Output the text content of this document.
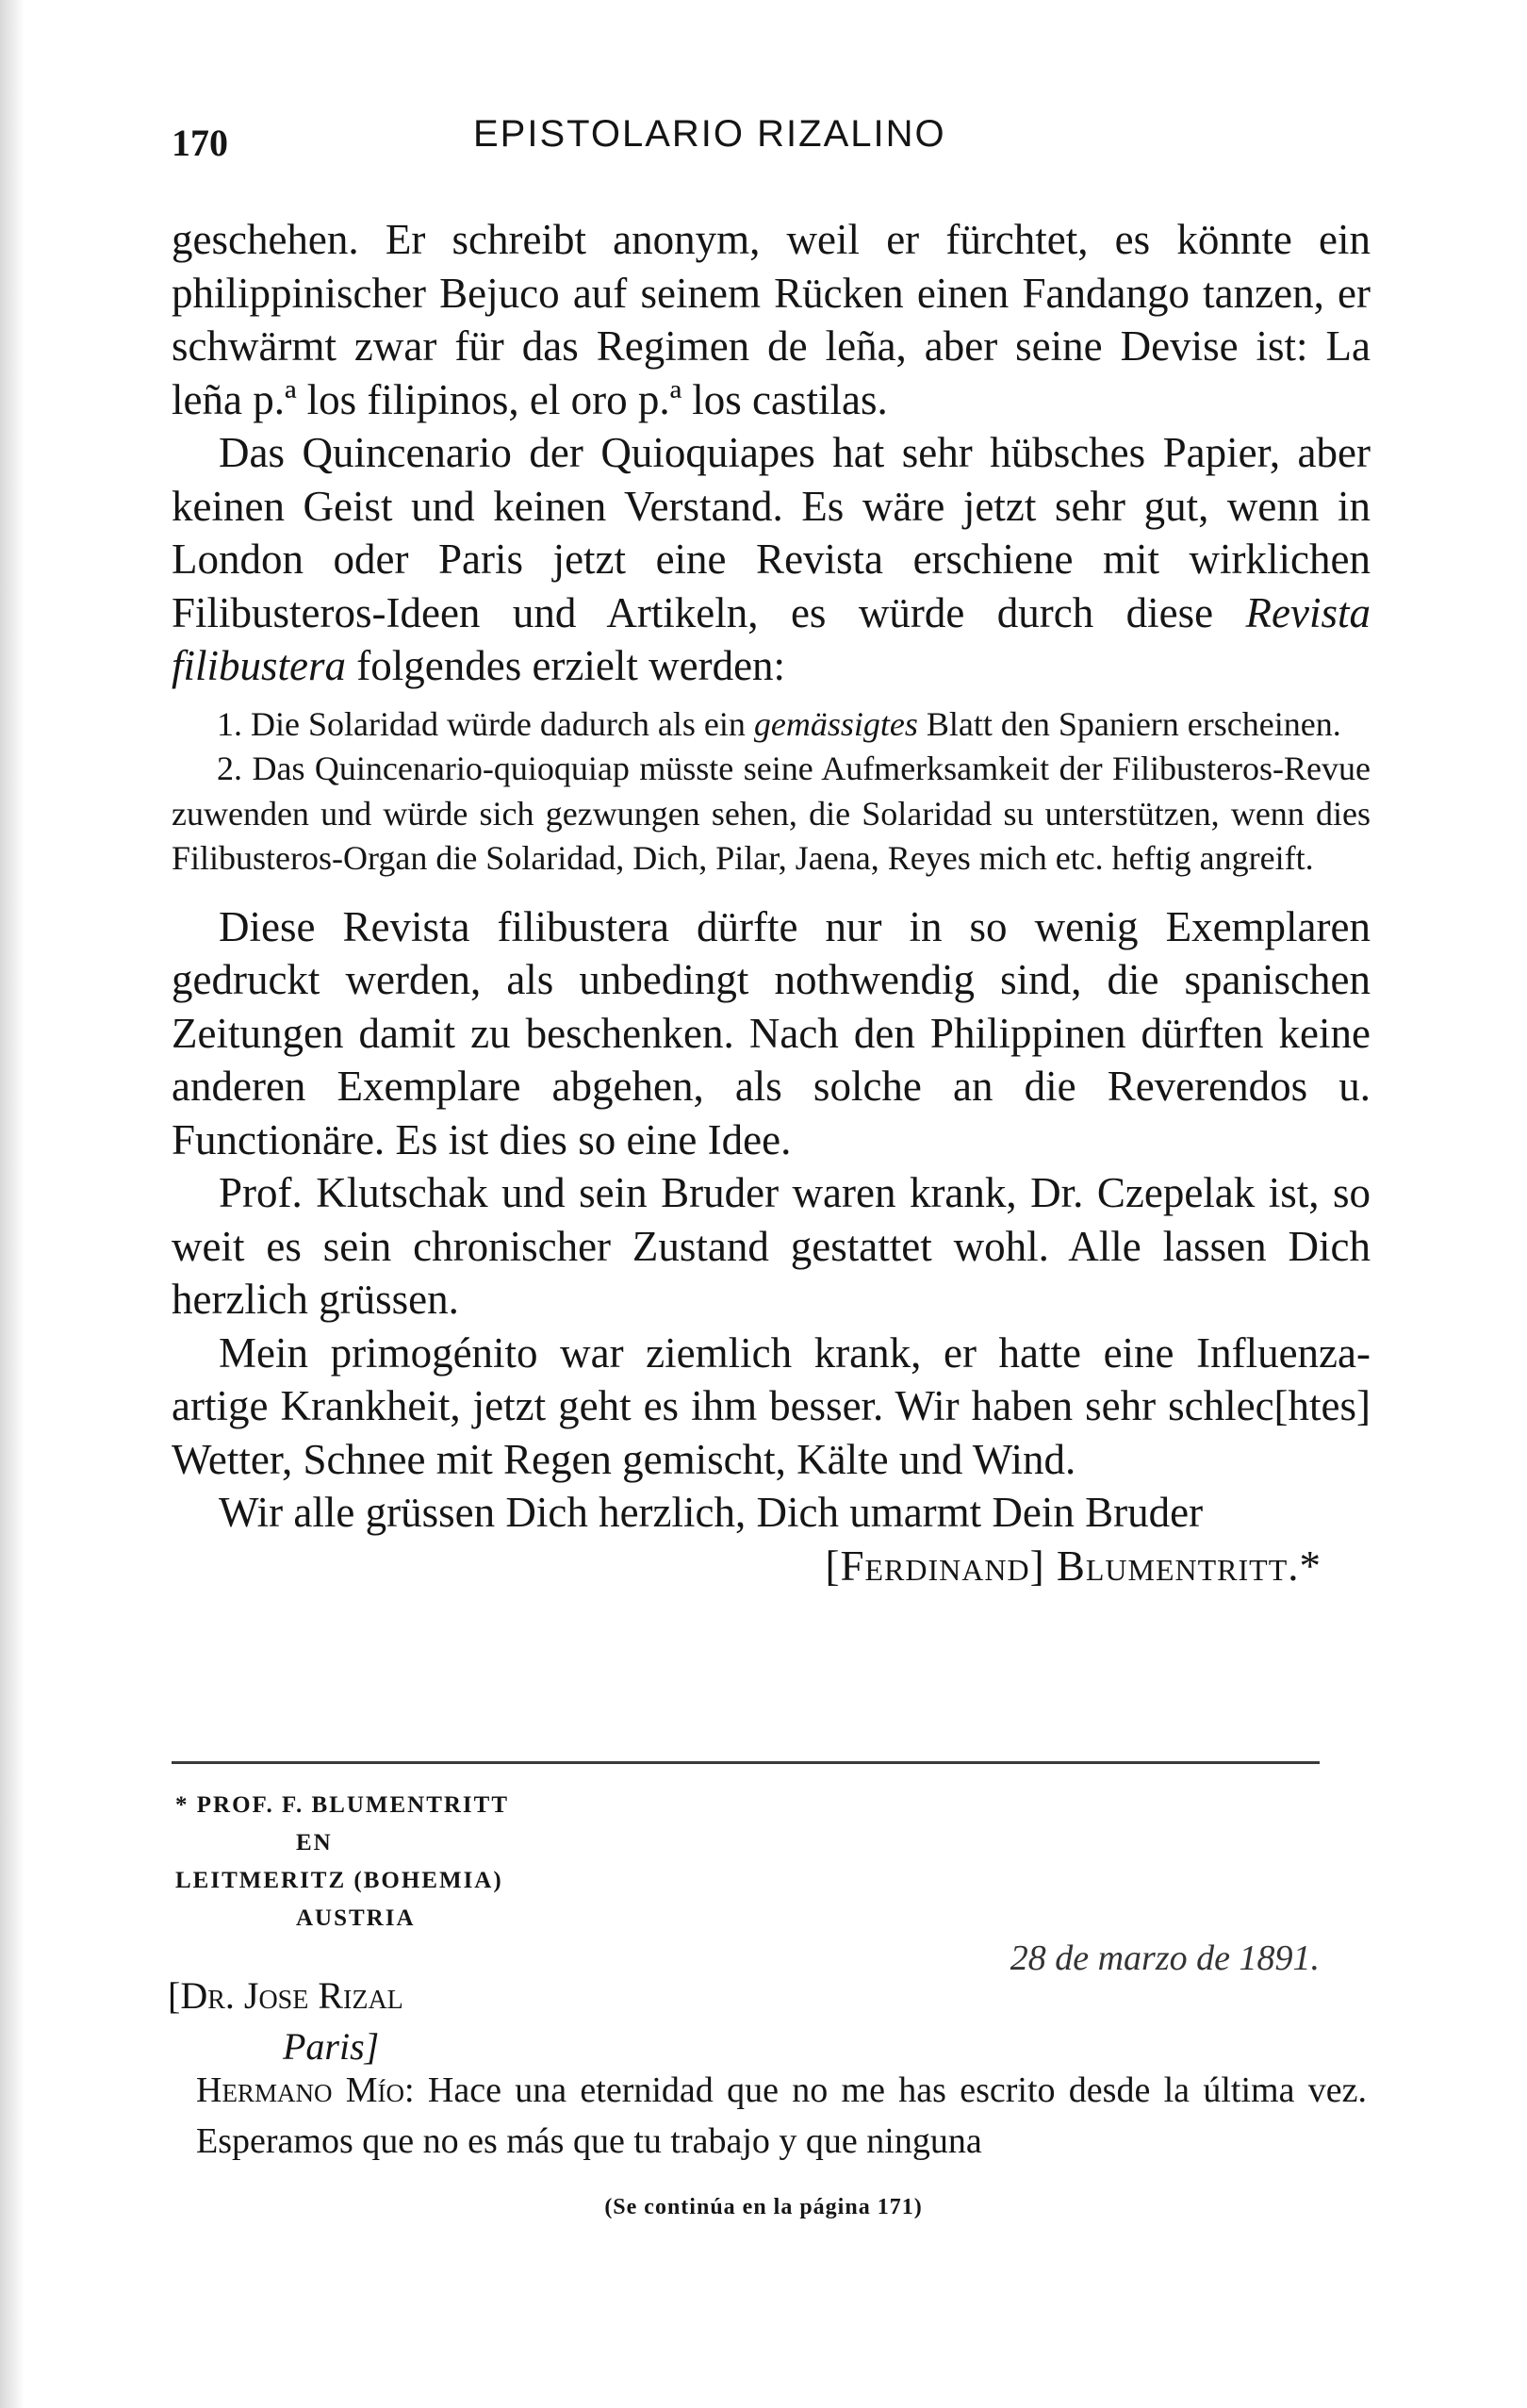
170	EPISTOLARIO RIZALINO

geschehen. Er schreibt anonym, weil er fürchtet, es könnte ein philippinischer Bejuco auf seinem Rücken einen Fandango tanzen, er schwärmt zwar für das Regimen de leña, aber seine Devise ist: La leña p.ª los filipinos, el oro p.ª los castilas.

Das Quincenario der Quioquiapes hat sehr hübsches Papier, aber keinen Geist und keinen Verstand. Es wäre jetzt sehr gut, wenn in London oder Paris jetzt eine Revista erschiene mit wirklichen Filibusteros-Ideen und Artikeln, es würde durch diese Revista filibustera folgendes erzielt werden:

1. Die Solaridad würde dadurch als ein gemässigtes Blatt den Spaniern erscheinen.

2. Das Quincenario-quioquiap müsste seine Aufmerksamkeit der Filibusteros-Revue zuwenden und würde sich gezwungen sehen, die Solaridad su unterstützen, wenn dies Filibusteros-Organ die Solaridad, Dich, Pilar, Jaena, Reyes mich etc. heftig angreift.

Diese Revista filibustera dürfte nur in so wenig Exemplaren gedruckt werden, als unbedingt nothwendig sind, die spanischen Zeitungen damit zu beschenken. Nach den Philippinen dürften keine anderen Exemplare abgehen, als solche an die Reverendos u. Functionäre. Es ist dies so eine Idee.

Prof. Klutschak und sein Bruder waren krank, Dr. Czepelak ist, so weit es sein chronischer Zustand gestattet wohl. Alle lassen Dich herzlich grüssen.

Mein primogénito war ziemlich krank, er hatte eine Influenza-artige Krankheit, jetzt geht es ihm besser. Wir haben sehr schlec[htes] Wetter, Schnee mit Regen gemischt, Kälte und Wind.

Wir alle grüssen Dich herzlich, Dich umarmt Dein Bruder

[Ferdinand] Blumentritt.*

* PROF. F. BLUMENTRITT
EN
LEITMERITZ (BOHEMIA)
AUSTRIA
28 de marzo de 1891.
[Dr. Jose Rizal
Paris]
Hermano Mío: Hace una eternidad que no me has escrito desde la última vez. Esperamos que no es más que tu trabajo y que ninguna
(Se continúa en la página 171)
